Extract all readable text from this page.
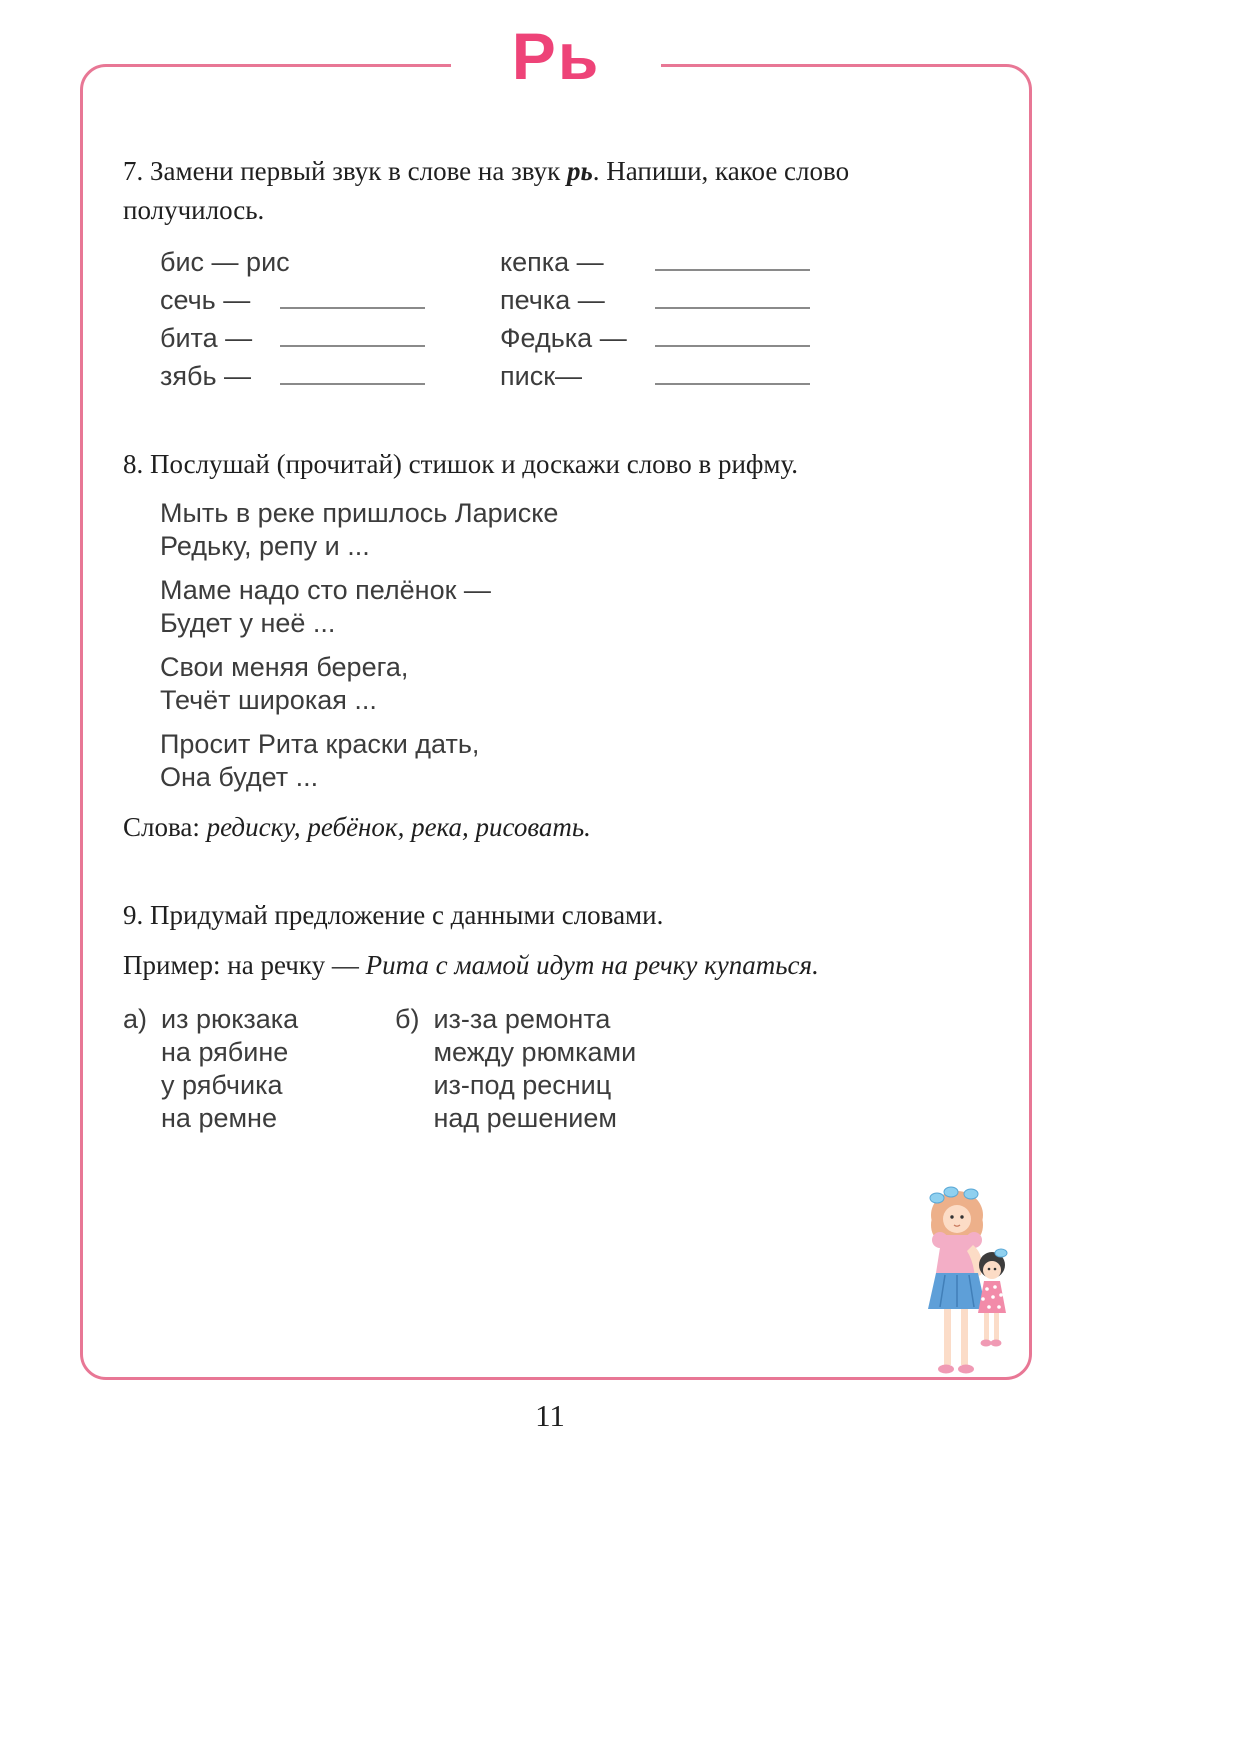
Рь
7. Замени первый звук в слове на звук рь. Напиши, какое слово получилось.
бис — рис
сечь —
бита —
зябь —
кепка —
печка —
Федька —
писк—
8. Послушай (прочитай) стишок и доскажи слово в рифму.

Мыть в реке пришлось Лариске
Редьку, репу и ...

Маме надо сто пелёнок —
Будет у неё ...

Свои меняя берега,
Течёт широкая ...

Просит Рита краски дать,
Она будет ...

Слова: редиску, ребёнок, река, рисовать.
9. Придумай предложение с данными словами.
Пример: на речку — Рита с мамой идут на речку купаться.
а) из рюкзака
на рябине
у рябчика
на ремне
б) из-за ремонта
между рюмками
из-под ресниц
над решением
11
